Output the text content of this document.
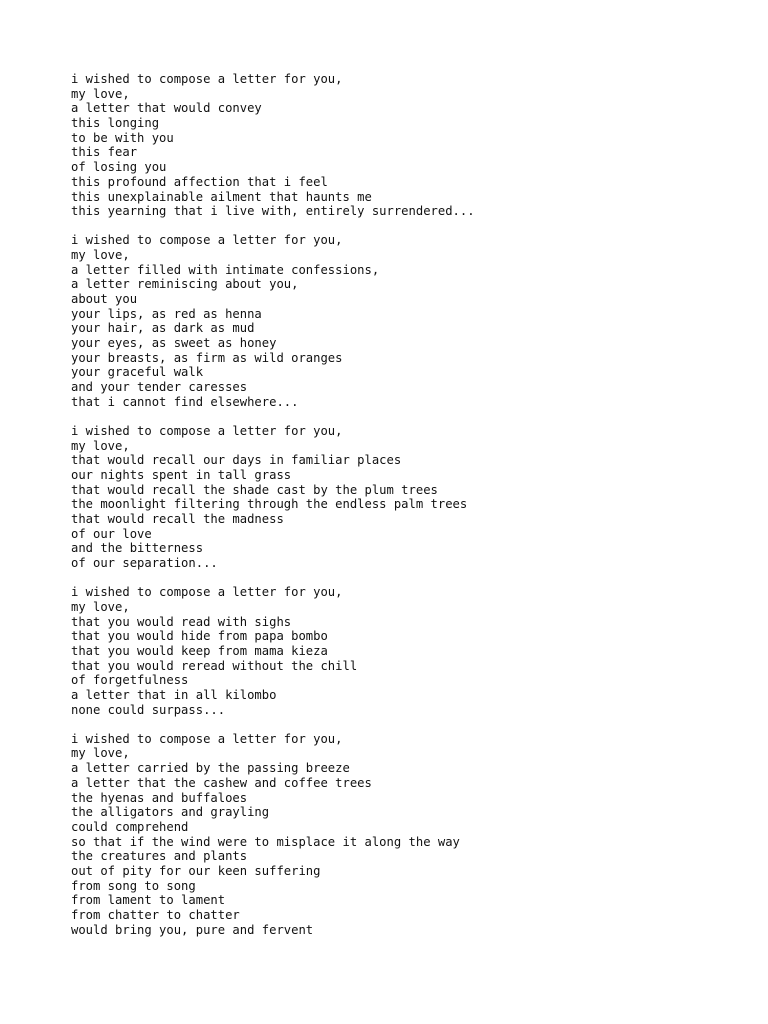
i wished to compose a letter for you,
my love,
a letter that would convey
this longing
to be with you
this fear
of losing you
this profound affection that i feel
this unexplainable ailment that haunts me
this yearning that i live with, entirely surrendered...
i wished to compose a letter for you,
my love,
a letter filled with intimate confessions,
a letter reminiscing about you,
about you
your lips, as red as henna
your hair, as dark as mud
your eyes, as sweet as honey
your breasts, as firm as wild oranges
your graceful walk
and your tender caresses
that i cannot find elsewhere...
i wished to compose a letter for you,
my love,
that would recall our days in familiar places
our nights spent in tall grass
that would recall the shade cast by the plum trees
the moonlight filtering through the endless palm trees
that would recall the madness
of our love
and the bitterness
of our separation...
i wished to compose a letter for you,
my love,
that you would read with sighs
that you would hide from papa bombo
that you would keep from mama kieza
that you would reread without the chill
of forgetfulness
a letter that in all kilombo
none could surpass...
i wished to compose a letter for you,
my love,
a letter carried by the passing breeze
a letter that the cashew and coffee trees
the hyenas and buffaloes
the alligators and grayling
could comprehend
so that if the wind were to misplace it along the way
the creatures and plants
out of pity for our keen suffering
from song to song
from lament to lament
from chatter to chatter
would bring you, pure and fervent
